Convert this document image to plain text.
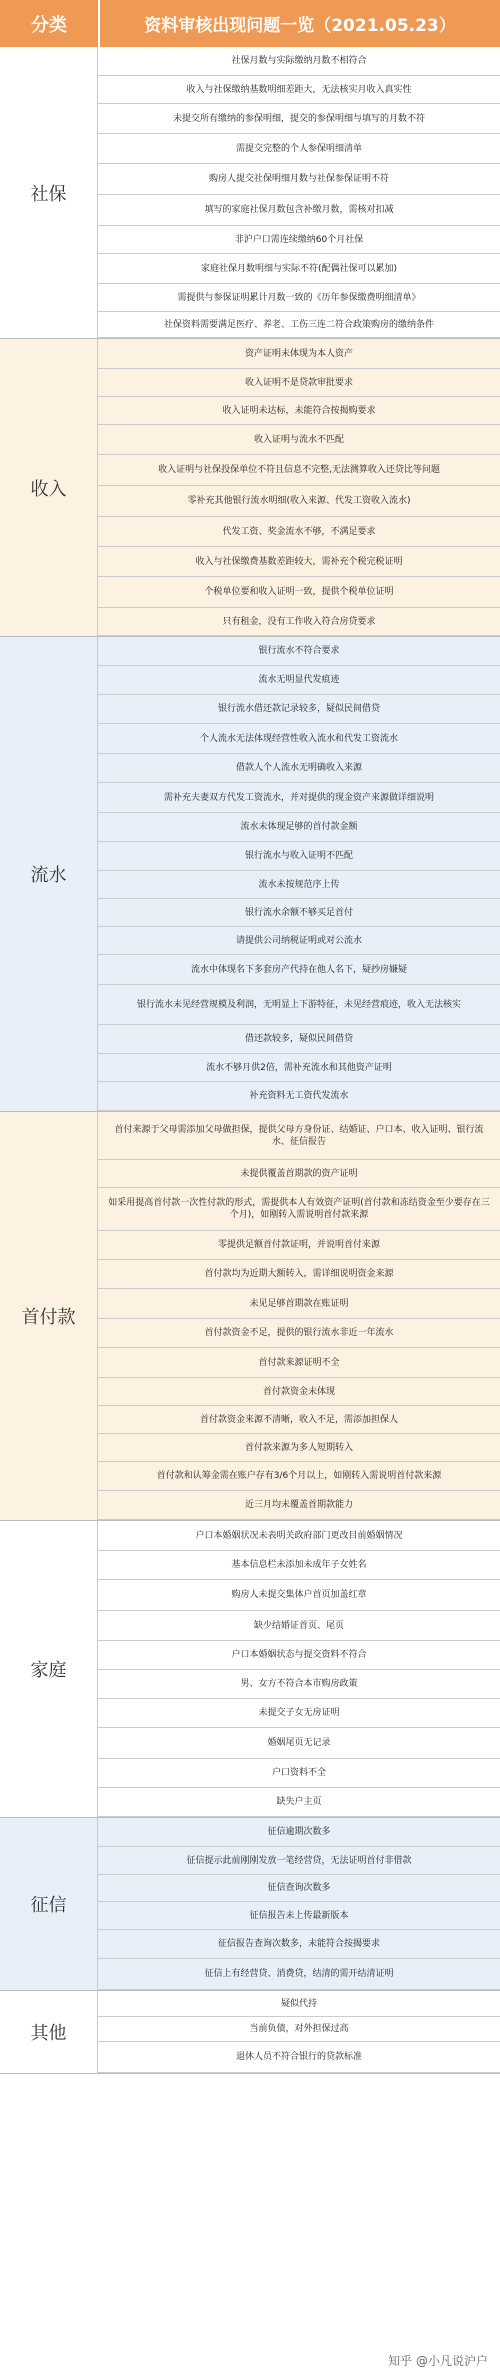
分类	资料审核出现问题一览（2021.05.23）
社保
社保月数与实际缴纳月数不相符合
收入与社保缴纳基数明细差距大，无法核实月收入真实性
未提交所有缴纳的参保明细，提交的参保明细与填写的月数不符
需提交完整的个人参保明细清单
购房人提交社保明细月数与社保参保证明不符
填写的家庭社保月数包含补缴月数，需核对扣减
非沪户口需连续缴纳60个月社保
家庭社保月数明细与实际不符(配偶社保可以累加)
需提供与参保证明累计月数一致的《历年参保缴费明细清单》
社保资料需要满足医疗、养老、工伤三连二符合政策购房的缴纳条件
收入
资产证明未体现为本人资产
收入证明不是贷款审批要求
收入证明未达标，未能符合按揭购要求
收入证明与流水不匹配
收入证明与社保投保单位不符且信息不完整,无法测算收入还贷比等问题
零补充其他银行流水明细(收入来源、代发工资收入流水)
代发工资、奖金流水不够，不满足要求
收入与社保缴费基数差距较大，需补充个税完税证明
个税单位要和收入证明一致，提供个税单位证明
只有租金，没有工作收入符合房贷要求
流水
银行流水不符合要求
流水无明显代发痕迹
银行流水借还款记录较多，疑似民间借贷
个人流水无法体现经营性收入流水和代发工资流水
借款人个人流水无明确收入来源
需补充夫妻双方代发工资流水，并对提供的现金资产来源做详细说明
流水未体现足够的首付款金额
银行流水与收入证明不匹配
流水未按规范序上传
银行流水余额不够买足首付
请提供公司纳税证明或对公流水
流水中体现名下多套房产代持在他人名下，疑抄房嫌疑
银行流水未见经营规模及利润，无明显上下游特征，未见经营痕迹，收入无法核实
借还款较多，疑似民间借贷
流水不够月供2倍，需补充流水和其他资产证明
补充资料无工资代发流水
首付款
首付来源于父母需添加父母做担保，提供父母方身份证、结婚证、户口本、收入证明、银行流水、征信报告
未提供覆盖首期款的资产证明
如采用提高首付款一次性付款的形式，需提供本人有效资产证明(首付款和冻结资金至少要存在三个月)，如刚转入需说明首付款来源
零提供足额首付款证明，并说明首付来源
首付款均为近期大额转入，需详细说明资金来源
未见足够首期款在账证明
首付款资金不足，提供的银行流水非近一年流水
首付款来源证明不全
首付款资金未体现
首付款资金来源不清晰，收入不足，需添加担保人
首付款来源为多人短期转入
首付款和认筹金需在账户存有3/6个月以上，如刚转入需说明首付款来源
近三月均未覆盖首期款能力
家庭
户口本婚姻状况未表明关政府部门更改目前婚姻情况
基本信息栏未添加未成年子女姓名
购房人未提交集体户首页加盖红章
缺少结婚证首页、尾页
户口本婚姻状态与提交资料不符合
男、女方不符合本市购房政策
未提交子女无房证明
婚姻尾页无记录
户口资料不全
缺失户主页
征信
征信逾期次数多
征信提示此前刚刚发放一笔经营贷，无法证明首付非借款
征信查询次数多
征信报告未上传最新版本
征信报告查询次数多，未能符合按揭要求
征信上有经营贷、消费贷，结清的需开结清证明
其他
疑似代持
当前负债，对外担保过高
退休人员不符合银行的贷款标准
知乎 @小凡说沪户
